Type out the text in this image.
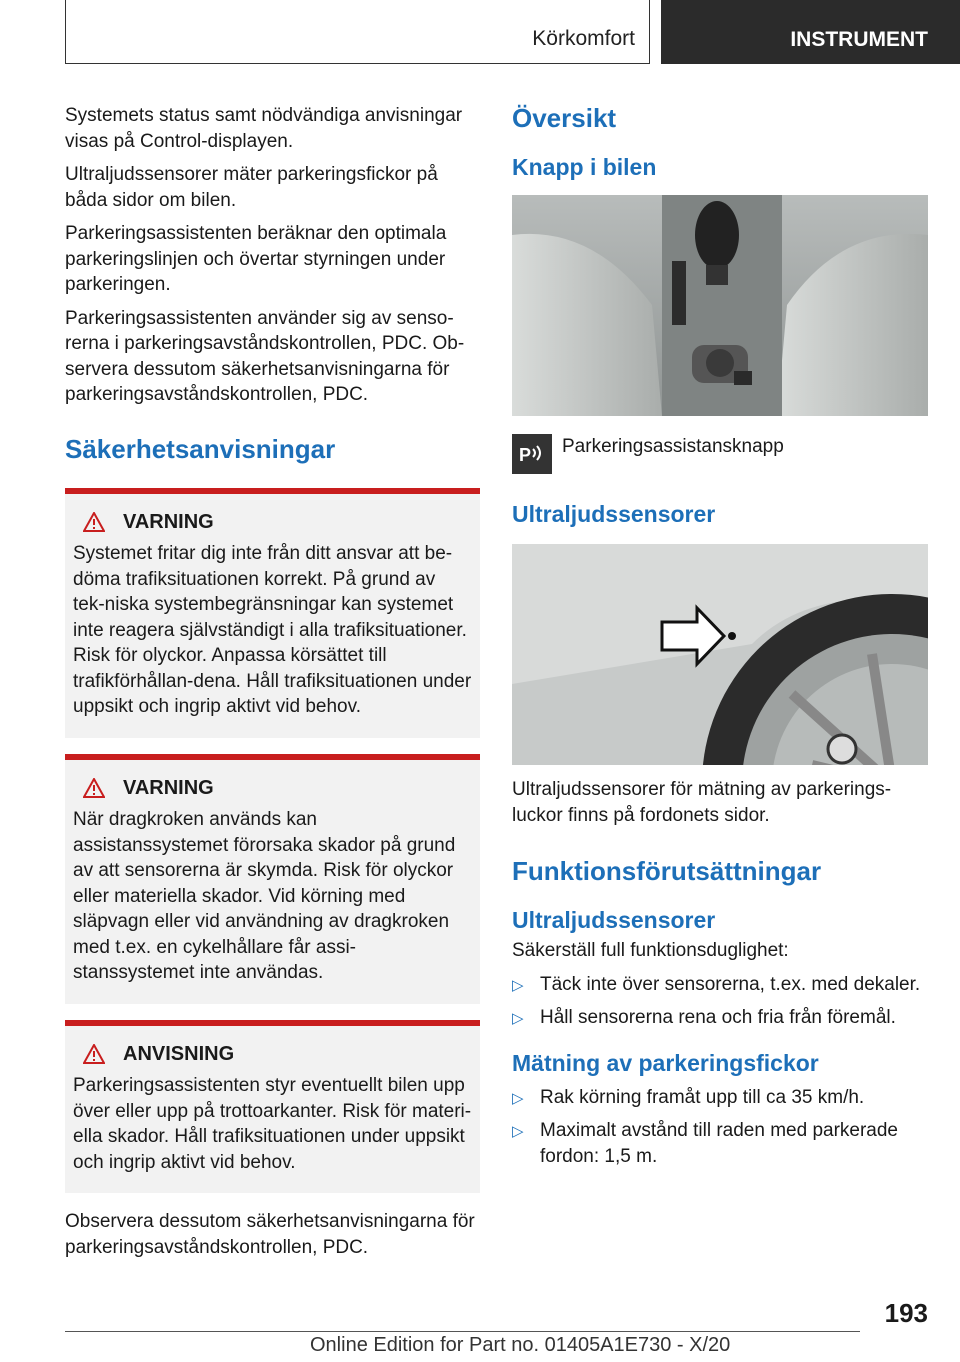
Körkomfort	INSTRUMENT

Systemets status samt nödvändiga anvisningar visas på Control-displayen.

Ultraljudssensorer mäter parkeringsfickor på båda sidor om bilen.

Parkeringsassistenten beräknar den optimala parkeringslinjen och övertar styrningen under parkeringen.

Parkeringsassistenten använder sig av senso-rerna i parkeringsavståndskontrollen, PDC. Ob-servera dessutom säkerhetsanvisningarna för parkeringsavståndskontrollen, PDC.

Säkerhetsanvisningar
VARNING
Systemet fritar dig inte från ditt ansvar att be-döma trafiksituationen korrekt. På grund av tek-niska systembegränsningar kan systemet inte reagera självständigt i alla trafiksituationer. Risk för olyckor. Anpassa körsättet till trafikförhållan-dena. Håll trafiksituationen under uppsikt och ingrip aktivt vid behov.
VARNING
När dragkroken används kan assistanssystemet förorsaka skador på grund av att sensorerna är skymda. Risk för olyckor eller materiella skador. Vid körning med släpvagn eller vid användning av dragkroken med t.ex. en cykelhållare får assi-stanssystemet inte användas.
ANVISNING
Parkeringsassistenten styr eventuellt bilen upp över eller upp på trottoarkanter. Risk för materi-ella skador. Håll trafiksituationen under uppsikt och ingrip aktivt vid behov.

Observera dessutom säkerhetsanvisningarna för parkeringsavståndskontrollen, PDC.

Översikt
Knapp i bilen
P Parkeringsassistansknapp
Ultraljudssensorer

Ultraljudssensorer för mätning av parkerings-luckor finns på fordonets sidor.

Funktionsförutsättningar
Ultraljudssensorer

Säkerställ full funktionsduglighet:

▷ Täck inte över sensorerna, t.ex. med dekaler.
▷ Håll sensorerna rena och fria från föremål.
Mätning av parkeringsfickor
▷ Rak körning framåt upp till ca 35 km/h.
▷ Maximalt avstånd till raden med parkerade fordon: 1,5 m.
193
Online Edition for Part no. 01405A1E730 - X/20
